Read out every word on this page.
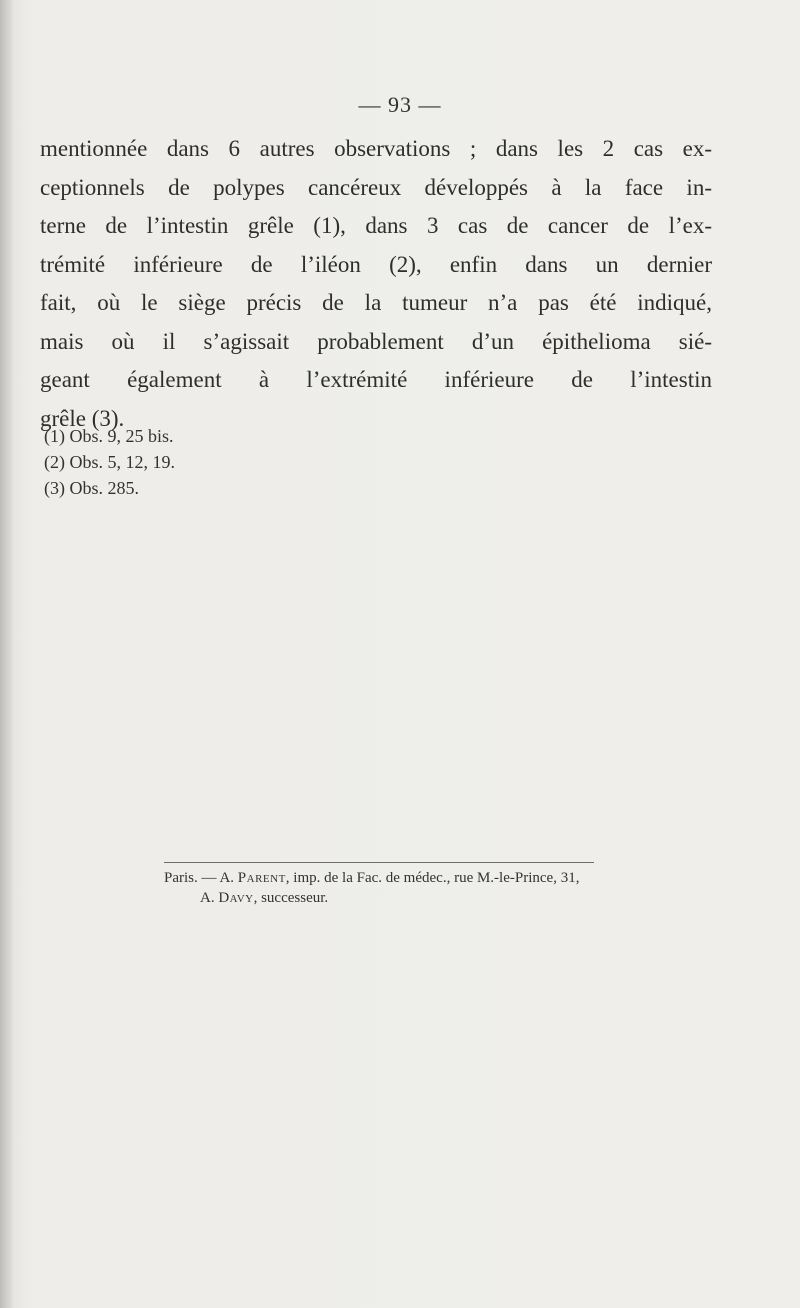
— 93 —
mentionnée dans 6 autres observations ; dans les 2 cas ex-
ceptionnels de polypes cancéreux développés à la face in-
terne de l’intestin grêle (1), dans 3 cas de cancer de l’ex-
trémité inférieure de l’iléon (2), enfin dans un dernier
fait, où le siège précis de la tumeur n’a pas été indiqué,
mais où il s’agissait probablement d’un épithelioma sié-
geant également à l’extrémité inférieure de l’intestin
grêle (3).
(1) Obs. 9, 25 bis.
(2) Obs. 5, 12, 19.
(3) Obs. 285.
Paris. — A. Parent, imp. de la Fac. de médec., rue M.-le-Prince, 31,
A. Davy, successeur.
